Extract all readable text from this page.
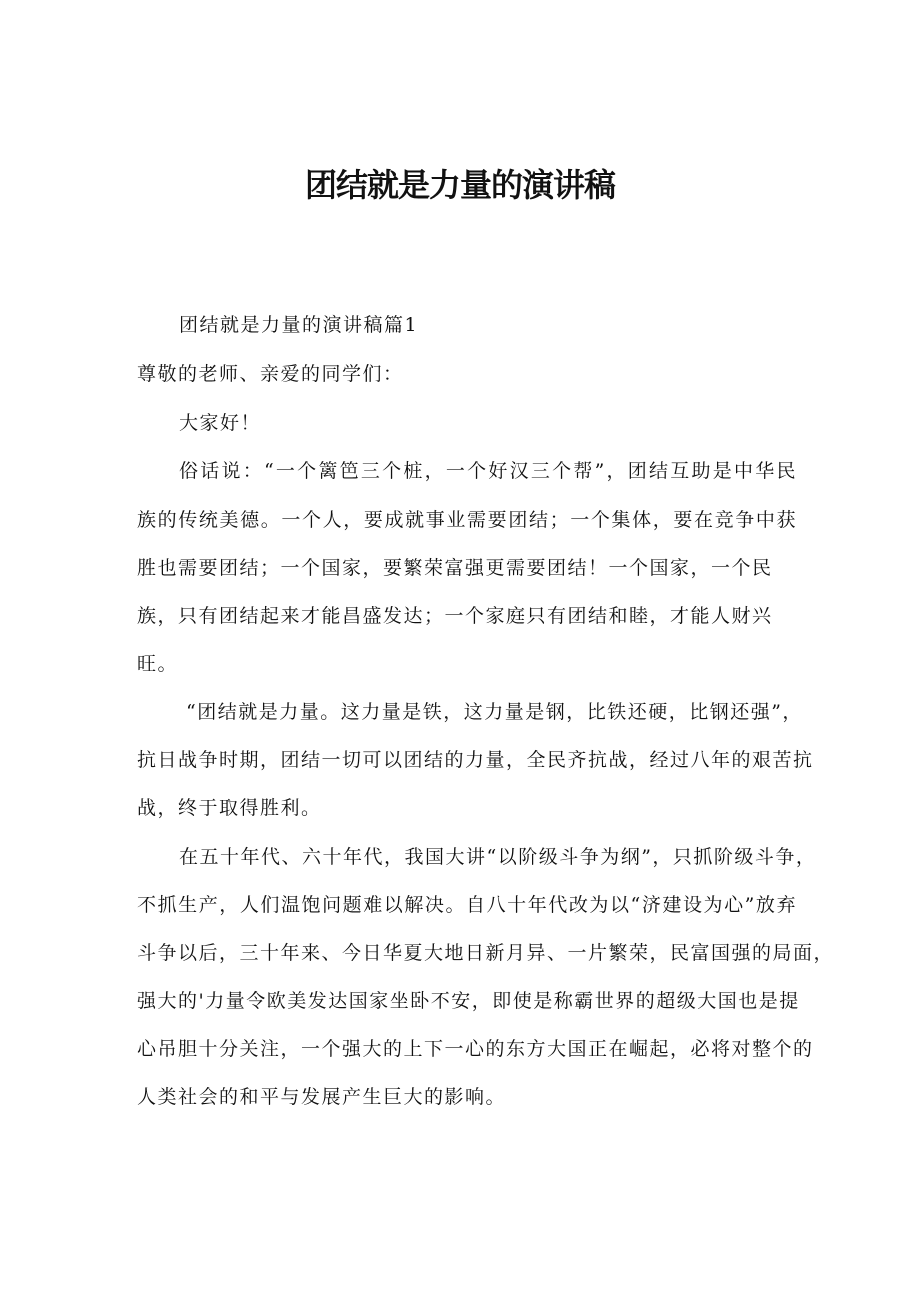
团结就是力量的演讲稿
团结就是力量的演讲稿篇1
尊敬的老师、亲爱的同学们：
大家好！
俗话说：“一个篱笆三个桩，一个好汉三个帮”，团结互助是中华民
族的传统美德。一个人，要成就事业需要团结；一个集体，要在竞争中获
胜也需要团结；一个国家，要繁荣富强更需要团结！一个国家，一个民
族，只有团结起来才能昌盛发达；一个家庭只有团结和睦，才能人财兴
旺。
“团结就是力量。这力量是铁，这力量是钢，比铁还硬，比钢还强”，
抗日战争时期，团结一切可以团结的力量，全民齐抗战，经过八年的艰苦抗
战，终于取得胜利。
在五十年代、六十年代，我国大讲“以阶级斗争为纲”，只抓阶级斗争，
不抓生产，人们温饱问题难以解决。自八十年代改为以“济建设为心”放弃
斗争以后，三十年来、今日华夏大地日新月异、一片繁荣，民富国强的局面，
强大的'力量令欧美发达国家坐卧不安，即使是称霸世界的超级大国也是提
心吊胆十分关注，一个强大的上下一心的东方大国正在崛起，必将对整个的
人类社会的和平与发展产生巨大的影响。
